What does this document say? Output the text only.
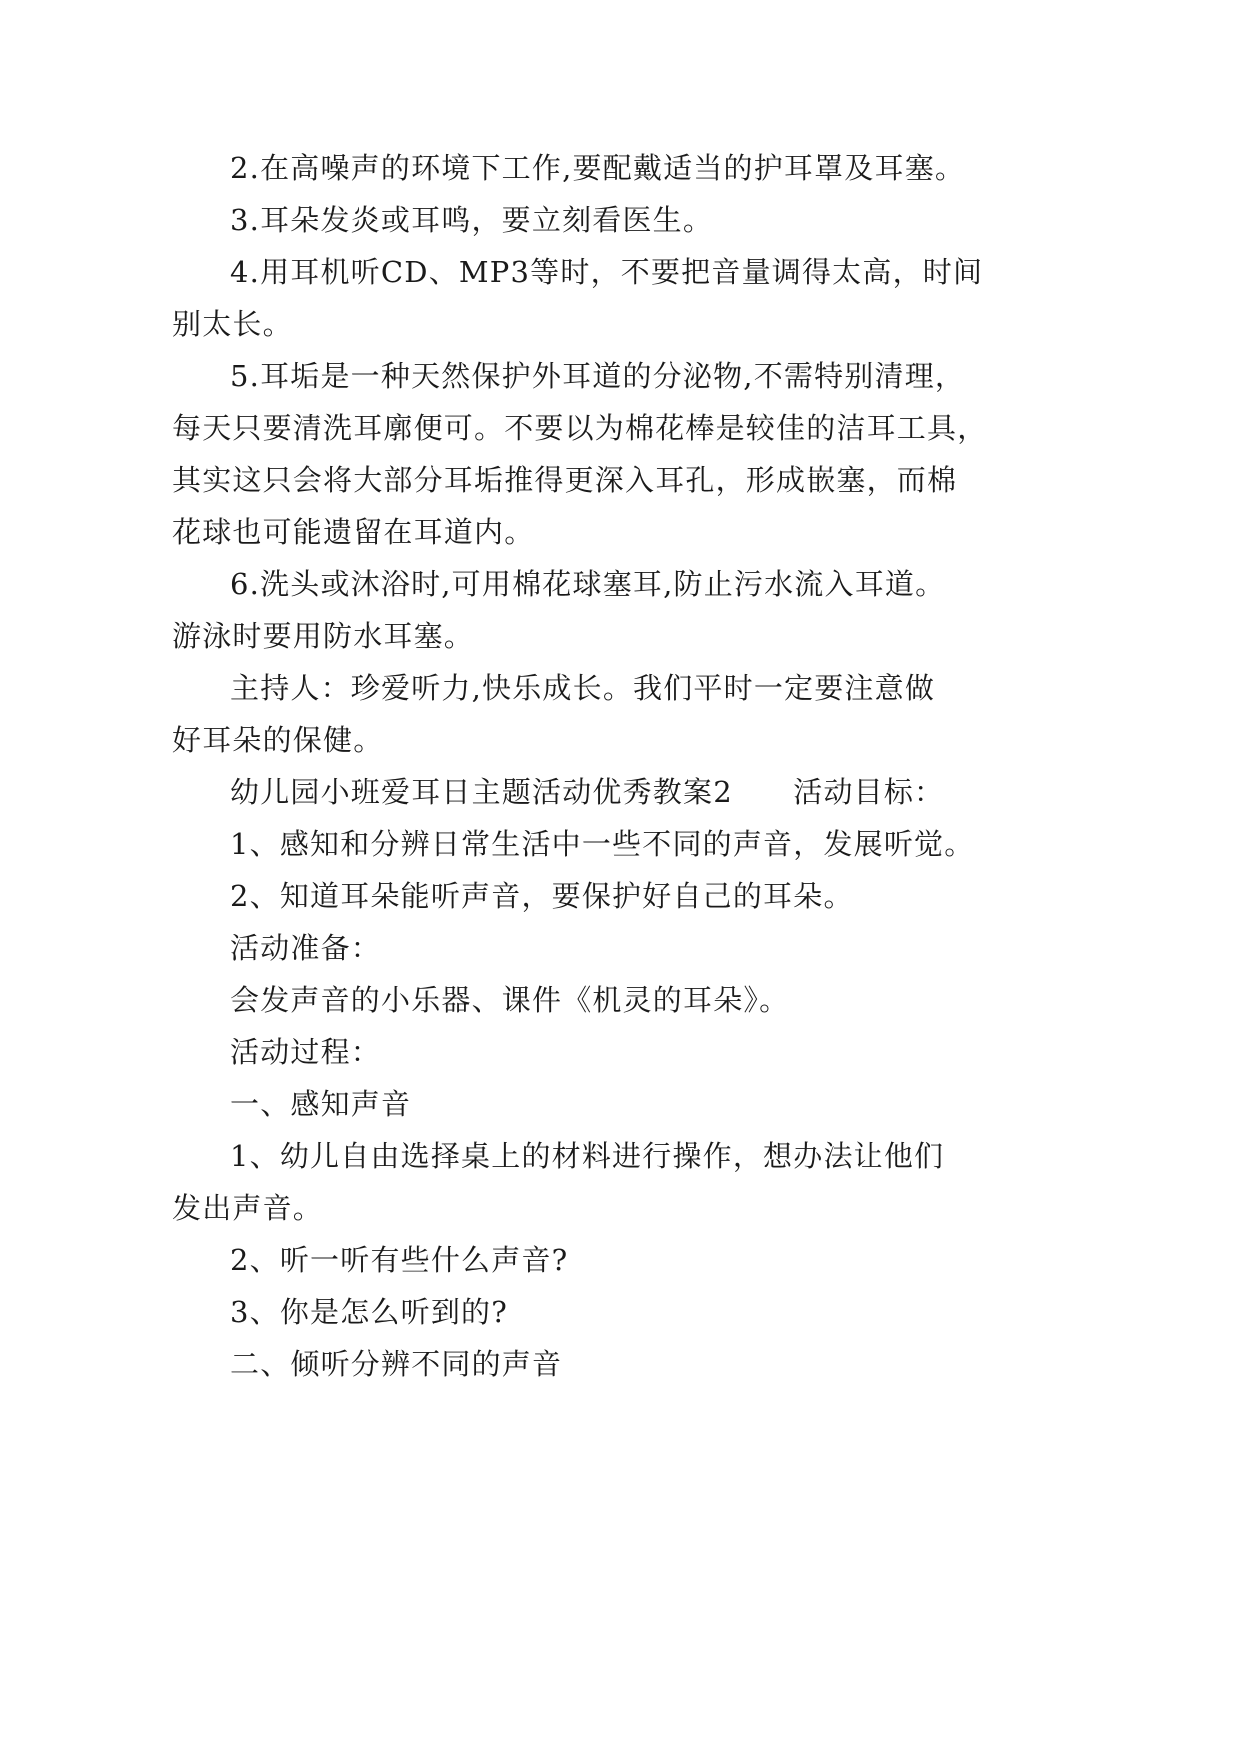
2.在高噪声的环境下工作,要配戴适当的护耳罩及耳塞。
3.耳朵发炎或耳鸣，要立刻看医生。
4.用耳机听CD、MP3等时，不要把音量调得太高，时间
别太长。
5.耳垢是一种天然保护外耳道的分泌物,不需特别清理，
每天只要清洗耳廓便可。不要以为棉花棒是较佳的洁耳工具，
其实这只会将大部分耳垢推得更深入耳孔，形成嵌塞，而棉
花球也可能遗留在耳道内。
6.洗头或沐浴时,可用棉花球塞耳,防止污水流入耳道。
游泳时要用防水耳塞。
主持人：珍爱听力,快乐成长。我们平时一定要注意做
好耳朵的保健。
幼儿园小班爱耳日主题活动优秀教案2　　活动目标：
1、感知和分辨日常生活中一些不同的声音，发展听觉。
2、知道耳朵能听声音，要保护好自己的耳朵。
活动准备：
会发声音的小乐器、课件《机灵的耳朵》。
活动过程：
一、感知声音
1、幼儿自由选择桌上的材料进行操作，想办法让他们
发出声音。
2、听一听有些什么声音?
3、你是怎么听到的?
二、倾听分辨不同的声音
